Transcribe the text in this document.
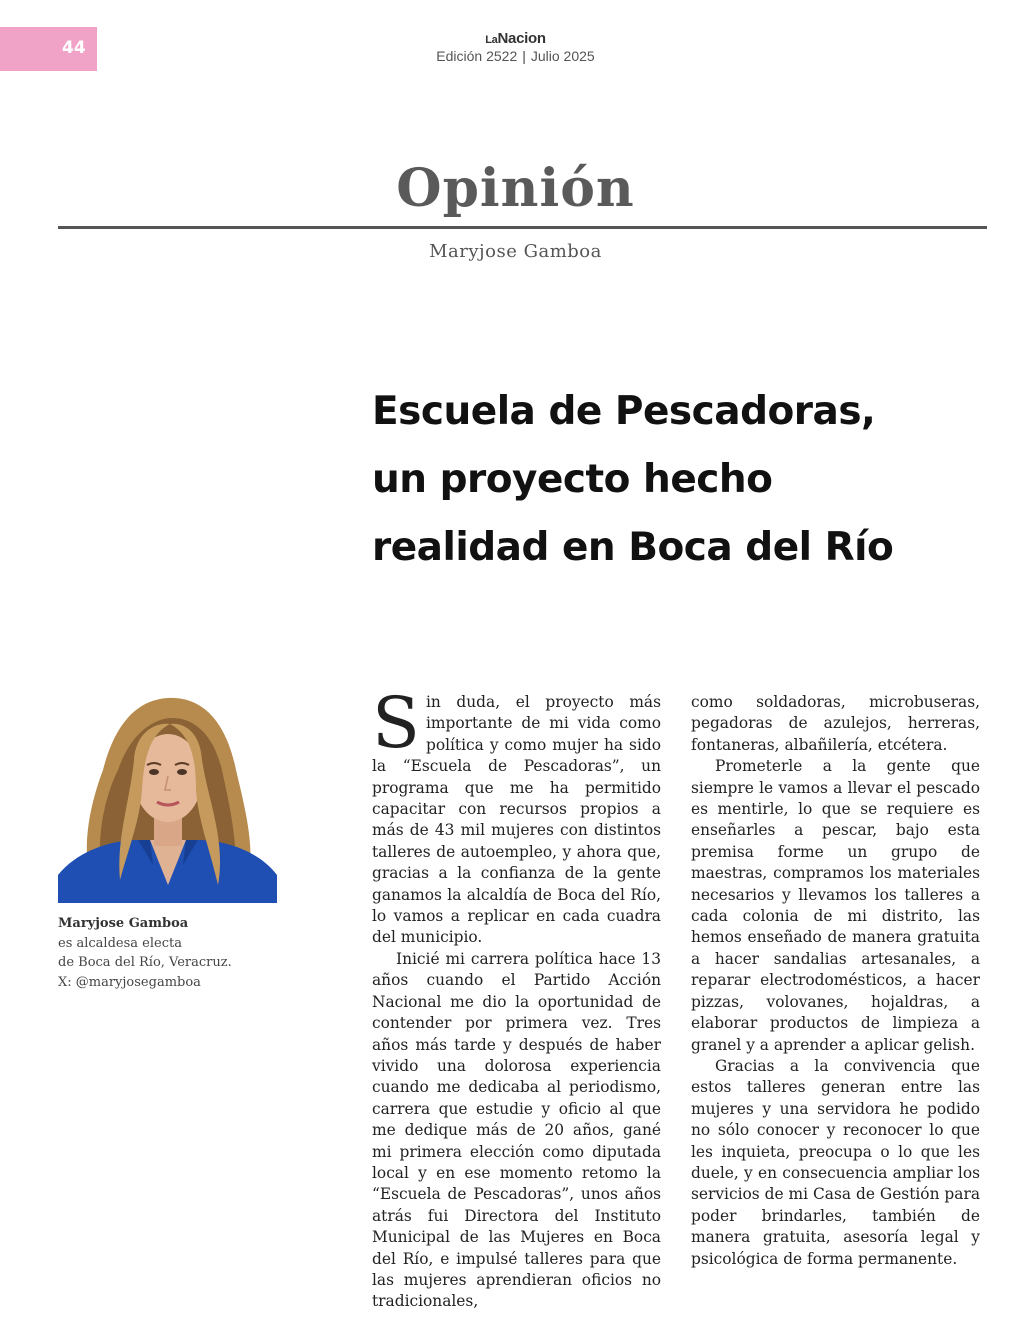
44	LaNacion
Edición 2522 | Julio 2025
Opinión
Maryjose Gamboa
Escuela de Pescadoras,
un proyecto hecho
realidad en Boca del Río
Maryjose Gamboa
es alcaldesa electa
de Boca del Río, Veracruz.
X: @maryjosegamboa

Sin duda, el proyecto más importante de mi vida como política y como mujer ha sido la “Escuela de Pescadoras”, un programa que me ha permitido capacitar con recursos propios a más de 43 mil mujeres con distintos talleres de autoempleo, y ahora que, gracias a la confianza de la gente ganamos la alcaldía de Boca del Río, lo vamos a replicar en cada cuadra del municipio.

Inicié mi carrera política hace 13 años cuando el Partido Acción Nacional me dio la oportunidad de contender por primera vez. Tres años más tarde y después de haber vivido una dolorosa experiencia cuando me dedicaba al periodismo, carrera que estudie y oficio al que me dedique más de 20 años, gané mi primera elección como diputada local y en ese momento retomo la “Escuela de Pescadoras”, unos años atrás fui Directora del Instituto Municipal de las Mujeres en Boca del Río, e impulsé talleres para que las mujeres aprendieran oficios no tradicionales,

como soldadoras, microbuseras, pegadoras de azulejos, herreras, fontaneras, albañilería, etcétera.

Prometerle a la gente que siempre le vamos a llevar el pescado es mentirle, lo que se requiere es enseñarles a pescar, bajo esta premisa forme un grupo de maestras, compramos los materiales necesarios y llevamos los talleres a cada colonia de mi distrito, las hemos enseñado de manera gratuita a hacer sandalias artesanales, a reparar electrodomésticos, a hacer pizzas, volovanes, hojaldras, a elaborar productos de limpieza a granel y a aprender a aplicar gelish.

Gracias a la convivencia que estos talleres generan entre las mujeres y una servidora he podido no sólo conocer y reconocer lo que les inquieta, preocupa o lo que les duele, y en consecuencia ampliar los servicios de mi Casa de Gestión para poder brindarles, también de manera gratuita, asesoría legal y psicológica de forma permanente.
